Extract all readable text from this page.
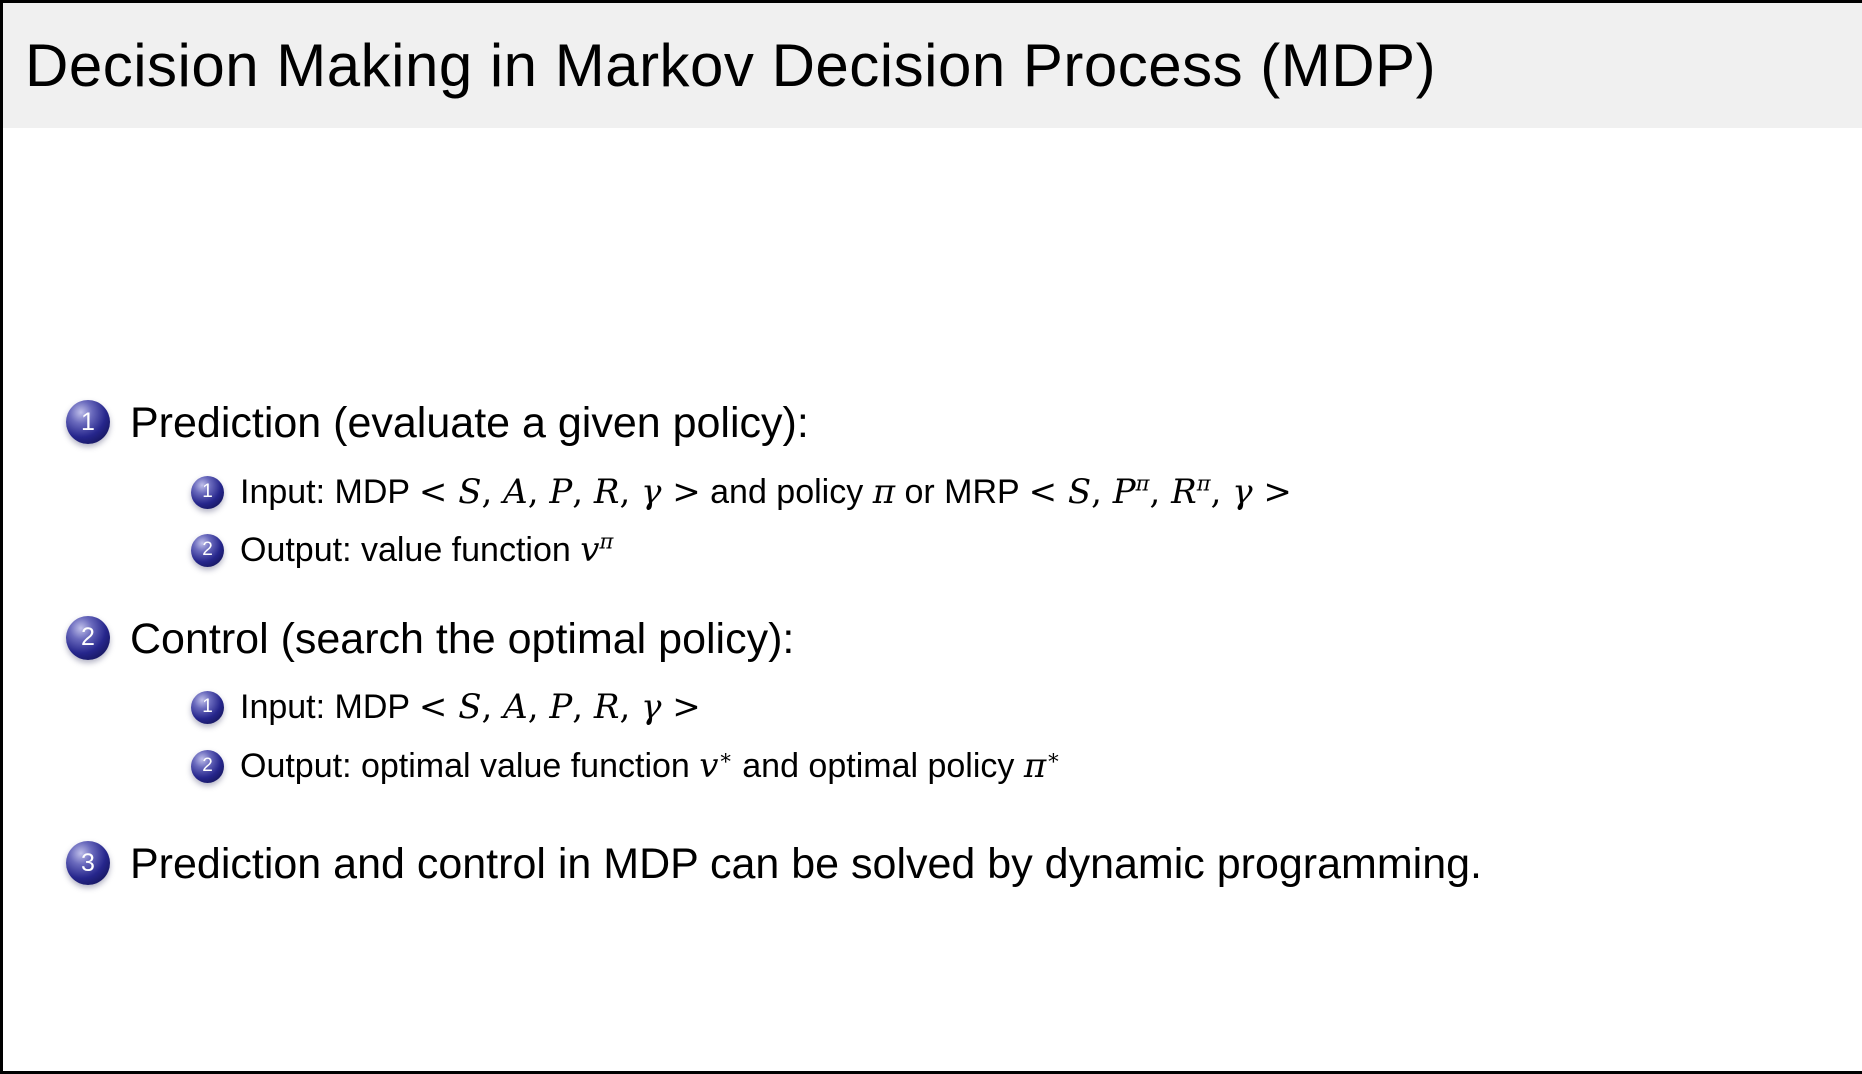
Decision Making in Markov Decision Process (MDP)
1 Prediction (evaluate a given policy):
1 Input: MDP < S, A, P, R, γ > and policy π or MRP < S, $P^\pi$, $R^\pi$, γ >
2 Output: value function $v^\pi$
2 Control (search the optimal policy):
1 Input: MDP < S, A, P, R, γ >
2 Output: optimal value function v∗ and optimal policy π∗
3 Prediction and control in MDP can be solved by dynamic programming.
